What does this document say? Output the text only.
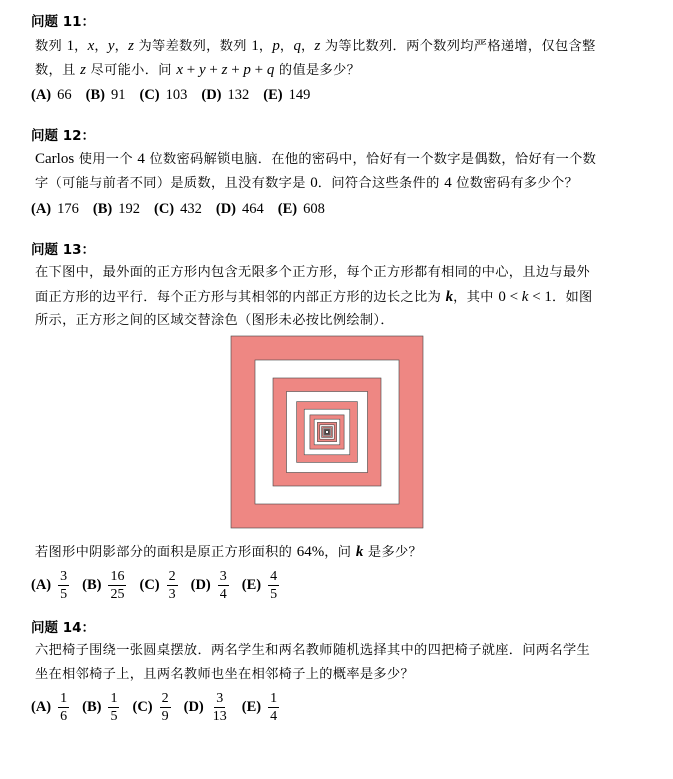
问题 11：
数列 1，x，y，z 为等差数列，数列 1，p，q，z 为等比数列．两个数列均严格递增，仅包含整
数，且 z 尽可能小．问 x + y + z + p + q 的值是多少？
(A) 66 (B) 91 (C) 103 (D) 132 (E) 149
问题 12：
Carlos 使用一个 4 位数密码解锁电脑．在他的密码中，恰好有一个数字是偶数，恰好有一个数
字（可能与前者不同）是质数，且没有数字是 0．问符合这些条件的 4 位数密码有多少个？
(A) 176 (B) 192 (C) 432 (D) 464 (E) 608
问题 13：
在下图中，最外面的正方形内包含无限多个正方形，每个正方形都有相同的中心，且边与最外
面正方形的边平行．每个正方形与其相邻的内部正方形的边长之比为 k，其中 0 < k < 1．如图
所示，正方形之间的区域交替涂色（图形未必按比例绘制）．
若图形中阴影部分的面积是原正方形面积的 64%，问 k 是多少？
$(A) \frac{3}{5} (B) \frac{16}{25} (C) \frac{2}{3} (D) \frac{3}{4} (E) \frac{4}{5}$
问题 14：
六把椅子围绕一张圆桌摆放．两名学生和两名教师随机选择其中的四把椅子就座．问两名学生
坐在相邻椅子上，且两名教师也坐在相邻椅子上的概率是多少？
$(A) \frac{1}{6} (B) \frac{1}{5} (C) \frac{2}{9} (D) \frac{3}{13} (E) \frac{1}{4}$
